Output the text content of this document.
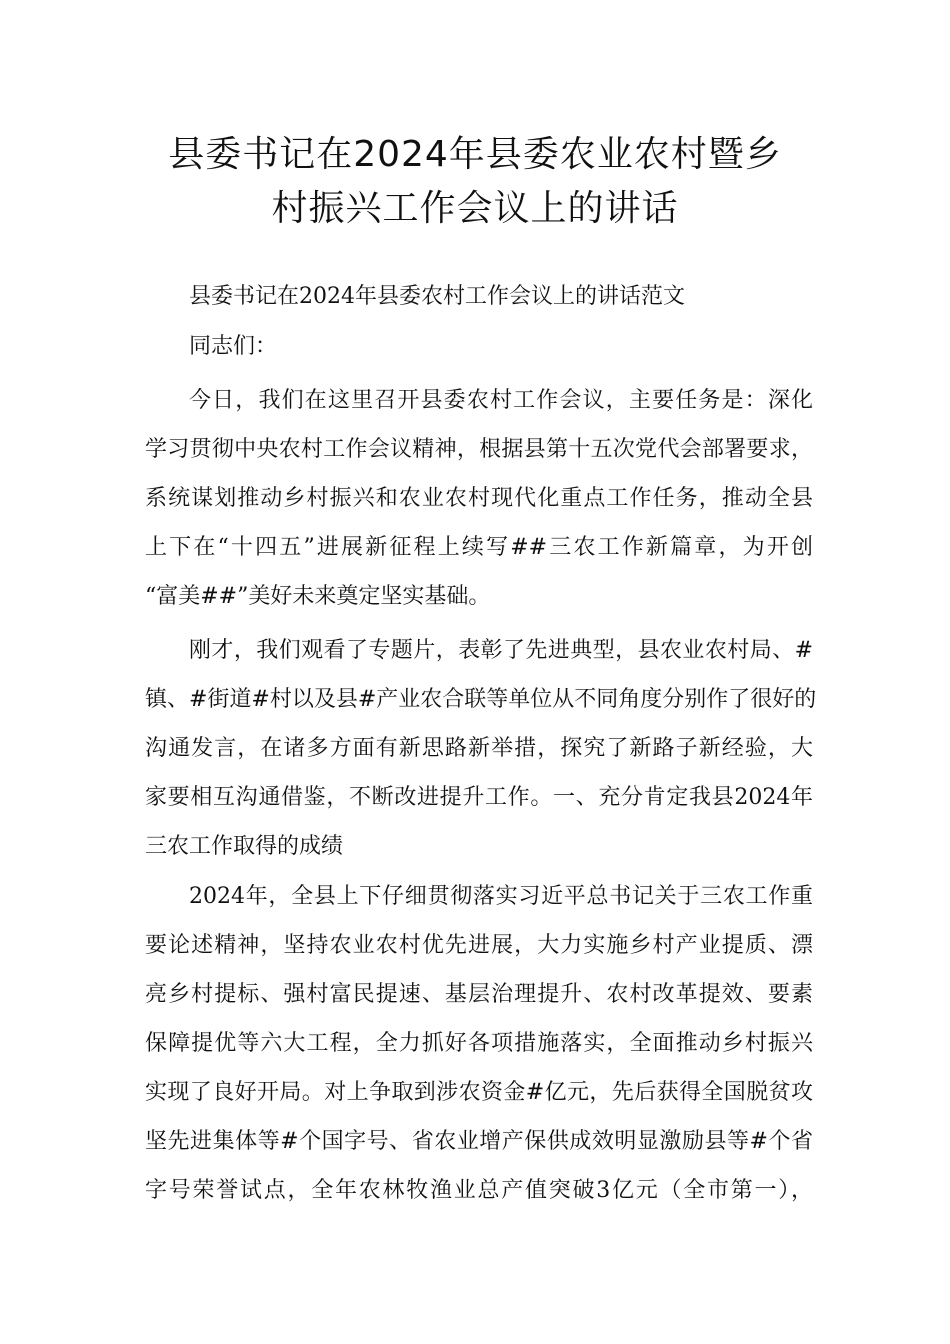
县委书记在2024年县委农业农村暨乡
村振兴工作会议上的讲话
县委书记在2024年县委农村工作会议上的讲话范文
同志们：
今日，我们在这里召开县委农村工作会议，主要任务是：深化
学习贯彻中央农村工作会议精神，根据县第十五次党代会部署要求，
系统谋划推动乡村振兴和农业农村现代化重点工作任务，推动全县
上下在“十四五”进展新征程上续写##三农工作新篇章，为开创
“富美##”美好未来奠定坚实基础。
刚才，我们观看了专题片，表彰了先进典型，县农业农村局、#
镇、#街道#村以及县#产业农合联等单位从不同角度分别作了很好的
沟通发言，在诸多方面有新思路新举措，探究了新路子新经验，大
家要相互沟通借鉴，不断改进提升工作。一、充分肯定我县2024年
三农工作取得的成绩
2024年，全县上下仔细贯彻落实习近平总书记关于三农工作重
要论述精神，坚持农业农村优先进展，大力实施乡村产业提质、漂
亮乡村提标、强村富民提速、基层治理提升、农村改革提效、要素
保障提优等六大工程，全力抓好各项措施落实，全面推动乡村振兴
实现了良好开局。对上争取到涉农资金#亿元，先后获得全国脱贫攻
坚先进集体等#个国字号、省农业增产保供成效明显激励县等#个省
字号荣誉试点，全年农林牧渔业总产值突破3亿元（全市第一），
